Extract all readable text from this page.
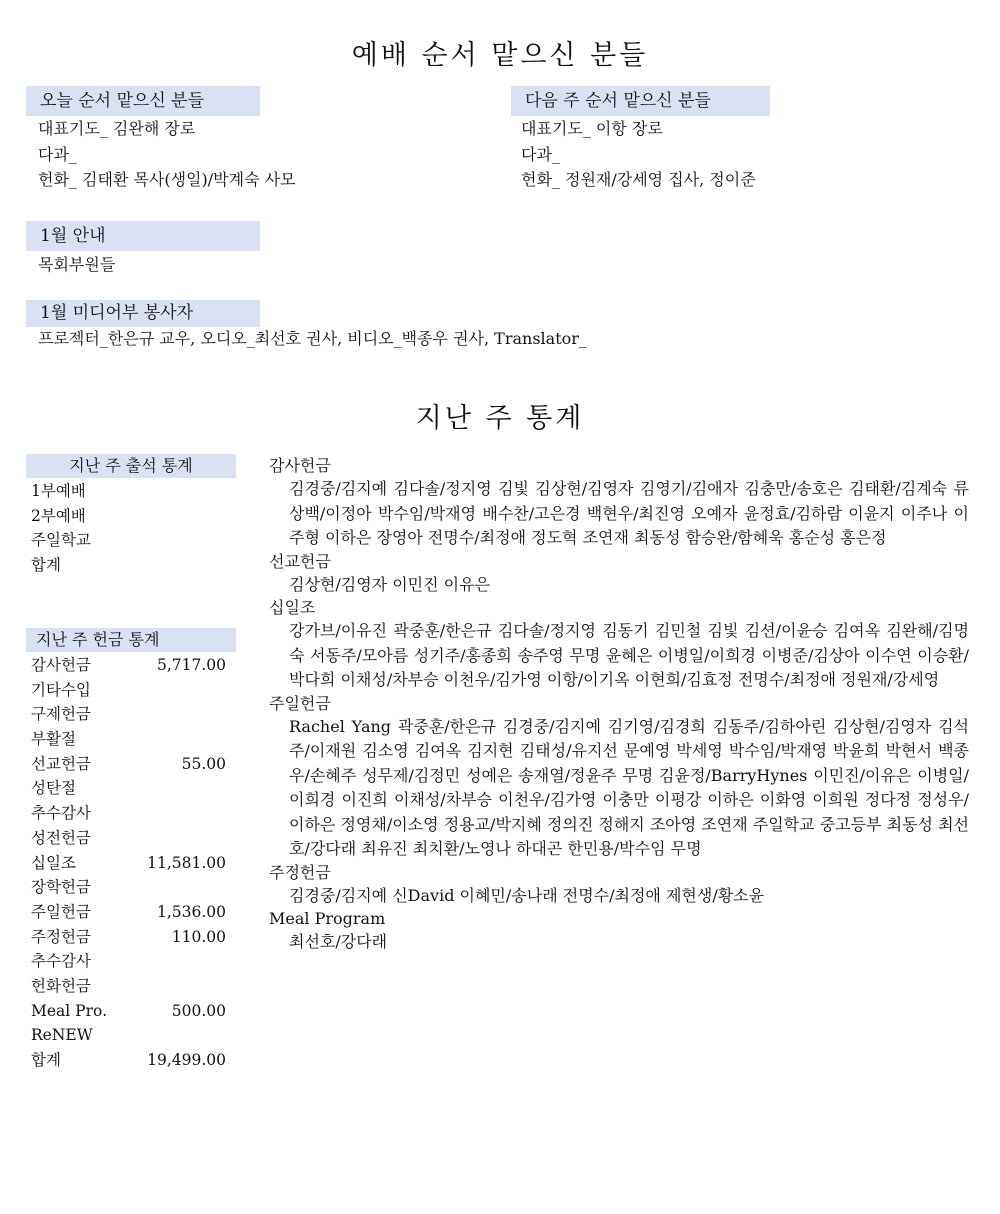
예배 순서 맡으신 분들
오늘 순서 맡으신 분들
대표기도_ 김완해 장로
다과_
헌화_ 김태환 목사(생일)/박계숙 사모
다음 주 순서 맡으신 분들
대표기도_ 이항 장로
다과_
헌화_ 정원재/강세영 집사, 정이준
1월 안내
목회부원들
1월 미디어부 봉사자
프로젝터_한은규 교우, 오디오_최선호 권사, 비디오_백종우 권사, Translator_
지난 주 통계
지난 주 출석 통계
1부예배
2부예배
주일학교
합계
지난 주 헌금 통계
감사헌금	5,717.00
기타수입
구제헌금
부활절
선교헌금	55.00
성탄절
추수감사
성전헌금
십일조	11,581.00
장학헌금
주일헌금	1,536.00
주정헌금	110.00
추수감사
헌화헌금
Meal Pro.	500.00
ReNEW
합계	19,499.00
감사헌금
김경중/김지예 김다솔/정지영 김빛 김상현/김영자 김영기/김애자 김충만/송호은 김태환/김계숙 류상백/이정아 박수임/박재영 배수찬/고은경 백현우/최진영 오예자 윤정효/김하람 이윤지 이주나 이주형 이하은 장영아 전명수/최정애 정도혁 조연재 최동성 함승완/함혜욱 홍순성 홍은정
선교헌금
김상현/김영자 이민진 이유은
십일조
강가브/이유진 곽중훈/한은규 김다솔/정지영 김동기 김민철 김빛 김션/이윤승 김여옥 김완해/김명숙 서동주/모아름 성기주/홍종희 송주영 무명 윤혜은 이병일/이희경 이병준/김상아 이수연 이승환/박다희 이채성/차부승 이천우/김가영 이항/이기옥 이현희/김효정 전명수/최정애 정원재/강세영
주일헌금
Rachel Yang 곽중훈/한은규 김경중/김지예 김기영/김경희 김동주/김하아린 김상현/김영자 김석주/이재원 김소영 김여옥 김지현 김태성/유지선 문예영 박세영 박수임/박재영 박윤희 박현서 백종우/손혜주 성무제/김정민 성예은 송재열/정윤주 무명 김윤정/BarryHynes 이민진/이유은 이병일/이희경 이진희 이채성/차부승 이천우/김가영 이충만 이평강 이하은 이화영 이희원 정다정 정성우/이하은 정영채/이소영 정용교/박지혜 정의진 정해지 조아영 조연재 주일학교 중고등부 최동성 최선호/강다래 최유진 최치환/노영나 하대곤 한민용/박수임 무명
주정헌금
김경중/김지예 신David 이혜민/송나래 전명수/최정애 제현생/황소윤
Meal Program
최선호/강다래
